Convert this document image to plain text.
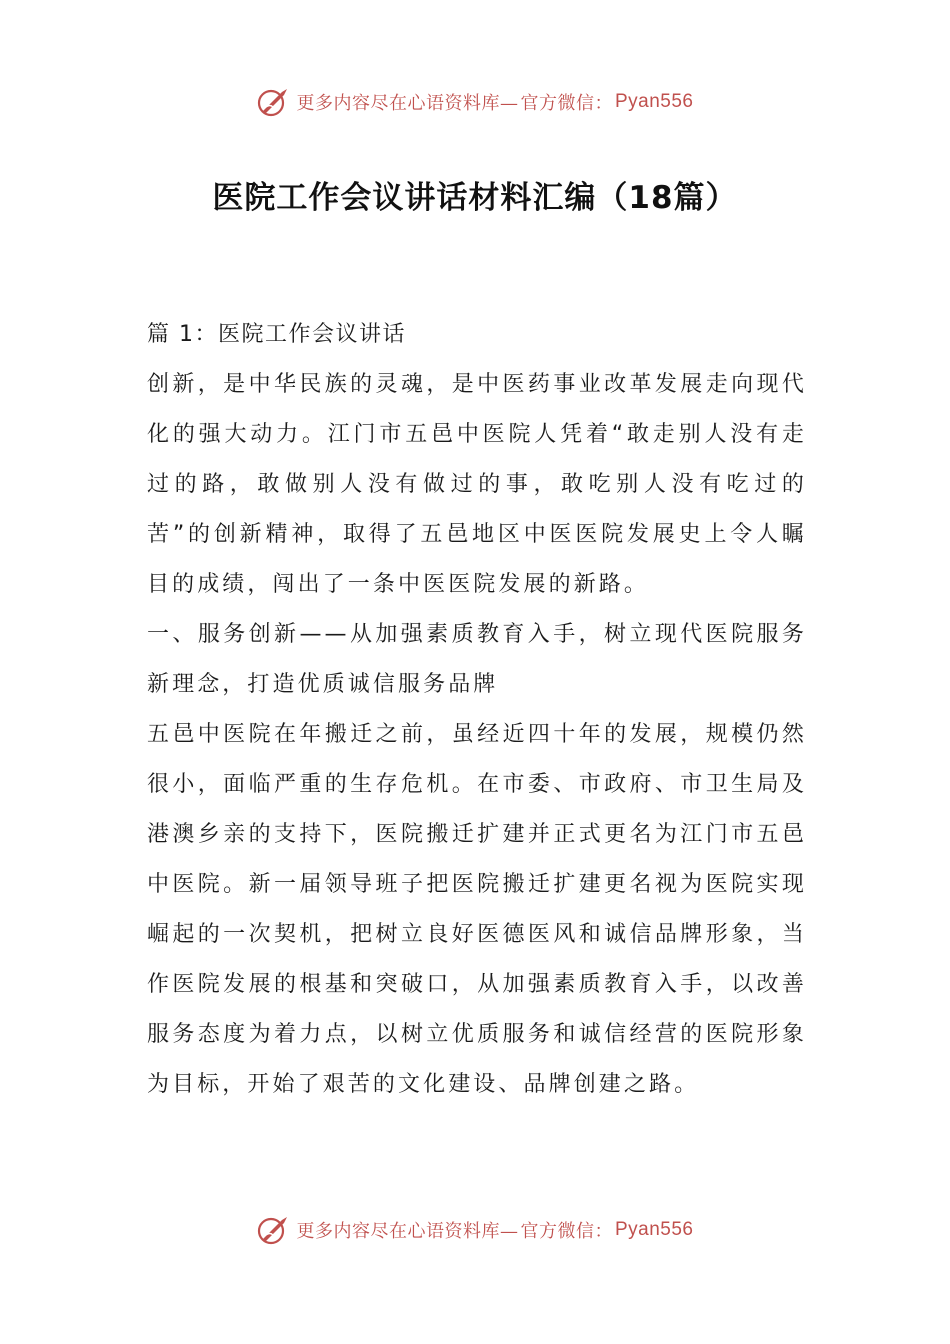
更多内容尽在心语资料库— 官方微信： Pyan556
医院工作会议讲话材料汇编（18篇）

篇 1：医院工作会议讲话

创新，是中华民族的灵魂，是中医药事业改革发展走向现代化的强大动力。江门市五邑中医院人凭着“敢走别人没有走过的路，敢做别人没有做过的事，敢吃别人没有吃过的苦”的创新精神，取得了五邑地区中医医院发展史上令人瞩目的成绩，闯出了一条中医医院发展的新路。

一、服务创新——从加强素质教育入手，树立现代医院服务新理念，打造优质诚信服务品牌

五邑中医院在年搬迁之前，虽经近四十年的发展，规模仍然很小，面临严重的生存危机。在市委、市政府、市卫生局及港澳乡亲的支持下，医院搬迁扩建并正式更名为江门市五邑中医院。新一届领导班子把医院搬迁扩建更名视为医院实现崛起的一次契机，把树立良好医德医风和诚信品牌形象，当作医院发展的根基和突破口，从加强素质教育入手，以改善服务态度为着力点，以树立优质服务和诚信经营的医院形象为目标，开始了艰苦的文化建设、品牌创建之路。

更多内容尽在心语资料库— 官方微信： Pyan556
